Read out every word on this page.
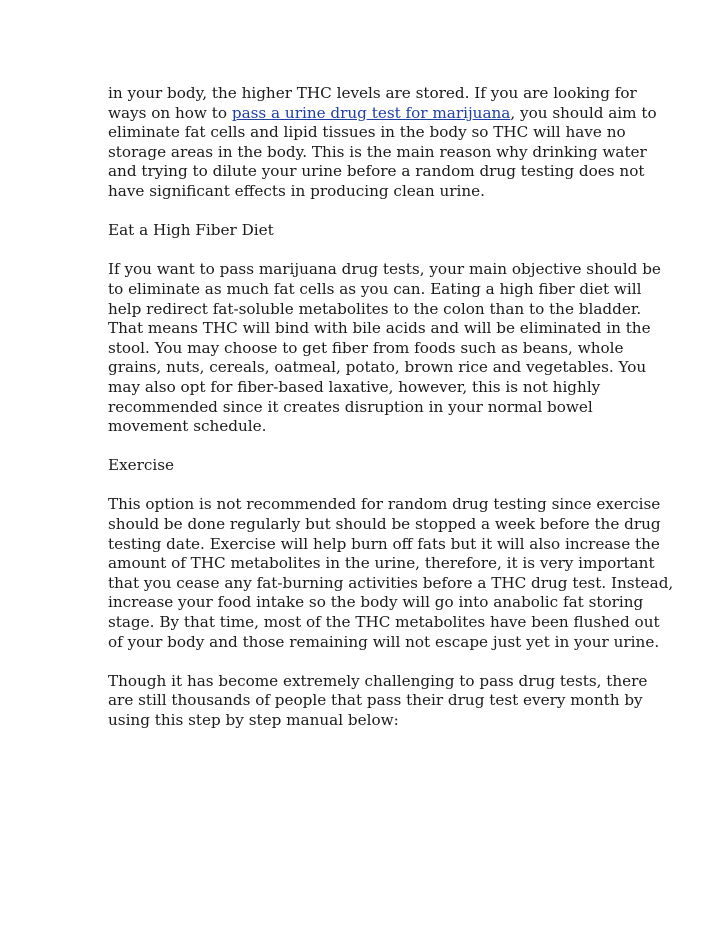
in your body, the higher THC levels are stored. If you are looking for
ways on how to pass a urine drug test for marijuana, you should aim to
eliminate fat cells and lipid tissues in the body so THC will have no
storage areas in the body. This is the main reason why drinking water
and trying to dilute your urine before a random drug testing does not
have significant effects in producing clean urine.

Eat a High Fiber Diet

If you want to pass marijuana drug tests, your main objective should be
to eliminate as much fat cells as you can. Eating a high fiber diet will
help redirect fat-soluble metabolites to the colon than to the bladder.
That means THC will bind with bile acids and will be eliminated in the
stool. You may choose to get fiber from foods such as beans, whole
grains, nuts, cereals, oatmeal, potato, brown rice and vegetables. You
may also opt for fiber-based laxative, however, this is not highly
recommended since it creates disruption in your normal bowel
movement schedule.

Exercise

This option is not recommended for random drug testing since exercise
should be done regularly but should be stopped a week before the drug
testing date. Exercise will help burn off fats but it will also increase the
amount of THC metabolites in the urine, therefore, it is very important
that you cease any fat-burning activities before a THC drug test. Instead,
increase your food intake so the body will go into anabolic fat storing
stage. By that time, most of the THC metabolites have been flushed out
of your body and those remaining will not escape just yet in your urine.

Though it has become extremely challenging to pass drug tests, there
are still thousands of people that pass their drug test every month by
using this step by step manual below:
